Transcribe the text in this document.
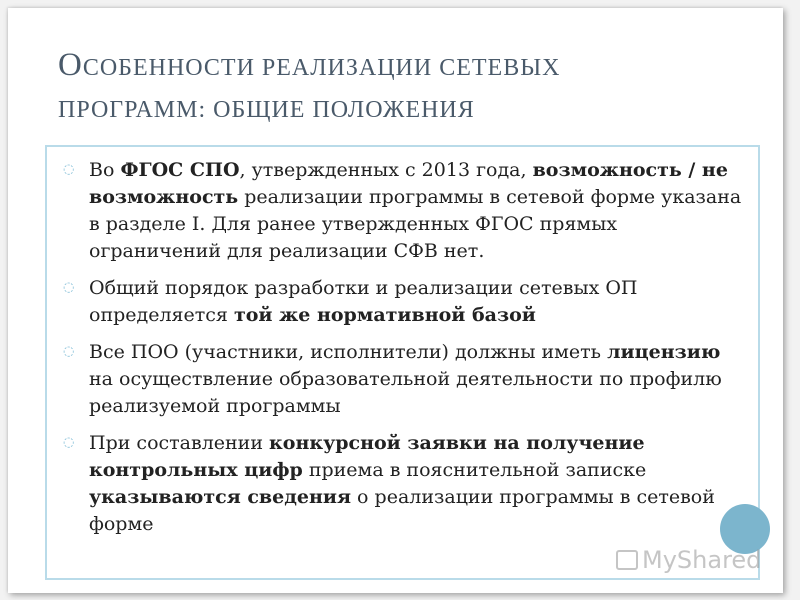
ОСОБЕННОСТИ РЕАЛИЗАЦИИ СЕТЕВЫХ
ПРОГРАММ: ОБЩИЕ ПОЛОЖЕНИЯ
◌
Во ФГОС СПО, утвержденных с 2013 года, возможность / не возможность реализации программы в сетевой форме указана в разделе I. Для ранее утвержденных ФГОС прямых ограничений для реализации СФВ нет.
◌
Общий порядок разработки и реализации сетевых ОП определяется той же нормативной базой
◌
Все ПОО (участники, исполнители) должны иметь лицензию на осуществление образовательной деятельности по профилю реализуемой программы
◌
При составлении конкурсной заявки на получение контрольных цифр приема в пояснительной записке указываются сведения о реализации программы в сетевой форме
MyShared
